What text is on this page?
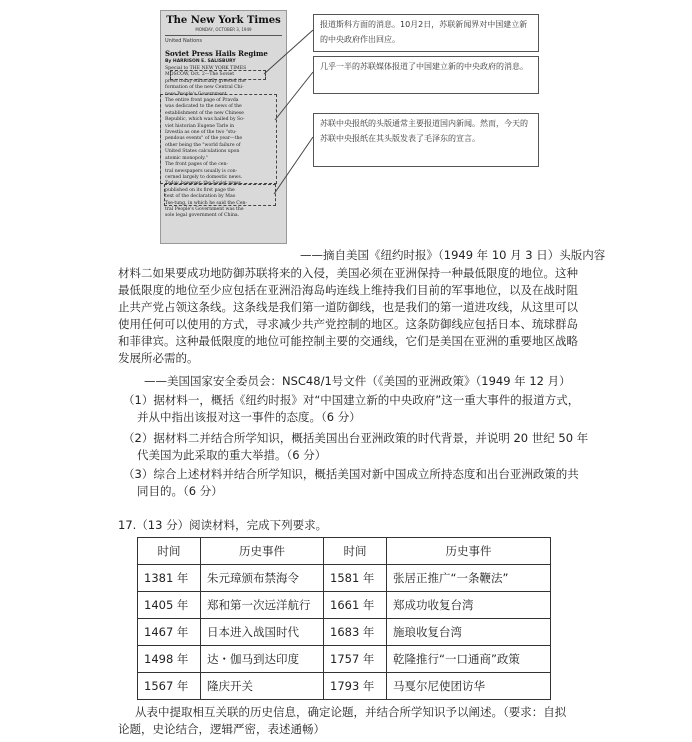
The New York Times
MONDAY, OCTOBER 3, 1949
United Nations
Soviet Press Hails Regime
By HARRISON E. SALISBURY
Special to THE NEW YORK TIMES
MOSCOW, Oct. 2—The Soviet
press today editorially greeted the
formation of the new Central Chi-
nese People's Government.
The entire front page of Pravda
was dedicated to the news of the
establishment of the new Chinese
Republic, which was hailed by So-
viet historian Eugene Tarle in
Izvestia as one of the two "stu-
pendous events" of the year—the
other being the "world failure of
United States calculations upon
atomic monopoly."
The front pages of the cen-
tral newspapers usually is con-
cerned largely to domestic news.
Today, however, the Soviet press
published on its first page the
text of the declaration by Mao
Tse-tung, in which he said the Cen-
tral People's Government was the
sole legal government of China.
报道斯科方面的消息。10月2日，苏联新闻界对中国建立新的中央政府作出回应。
几乎一半的苏联媒体报道了中国建立新的中央政府的消息。
苏联中央报纸的头版通常主要报道国内新闻。然而，今天的苏联中央报纸在其头版发表了毛泽东的宣言。
——摘自美国《纽约时报》（1949 年 10 月 3 日）头版内容
材料二如果要成功地防御苏联将来的入侵，美国必须在亚洲保持一种最低限度的地位。这种最低限度的地位至少应包括在亚洲沿海岛屿连线上维持我们目前的军事地位，以及在战时阻止共产党占领这条线。这条线是我们第一道防御线，也是我们的第一道进攻线，从这里可以使用任何可以使用的方式，寻求减少共产党控制的地区。这条防御线应包括日本、琉球群岛和菲律宾。这种最低限度的地位可能控制主要的交通线，它们是美国在亚洲的重要地区战略发展所必需的。
——美国国家安全委员会：NSC48/1号文件（《美国的亚洲政策》（1949 年 12 月）
（1）据材料一，概括《纽约时报》对“中国建立新的中央政府”这一重大事件的报道方式，
并从中指出该报对这一事件的态度。（6 分）
（2）据材料二并结合所学知识，概括美国出台亚洲政策的时代背景，并说明 20 世纪 50 年
代美国为此采取的重大举措。（6 分）
（3）综合上述材料并结合所学知识，概括美国对新中国成立所持态度和出台亚洲政策的共
同目的。（6 分）
17.（13 分）阅读材料，完成下列要求。
时间	历史事件	时间	历史事件
1381 年	朱元璋颁布禁海令	1581 年	张居正推广“一条鞭法”
1405 年	郑和第一次远洋航行	1661 年	郑成功收复台湾
1467 年	日本进入战国时代	1683 年	施琅收复台湾
1498 年	达・伽马到达印度	1757 年	乾隆推行“一口通商”政策
1567 年	隆庆开关	1793 年	马戛尔尼使团访华
从表中提取相互关联的历史信息，确定论题，并结合所学知识予以阐述。（要求：自拟
论题，史论结合，逻辑严密，表述通畅）
